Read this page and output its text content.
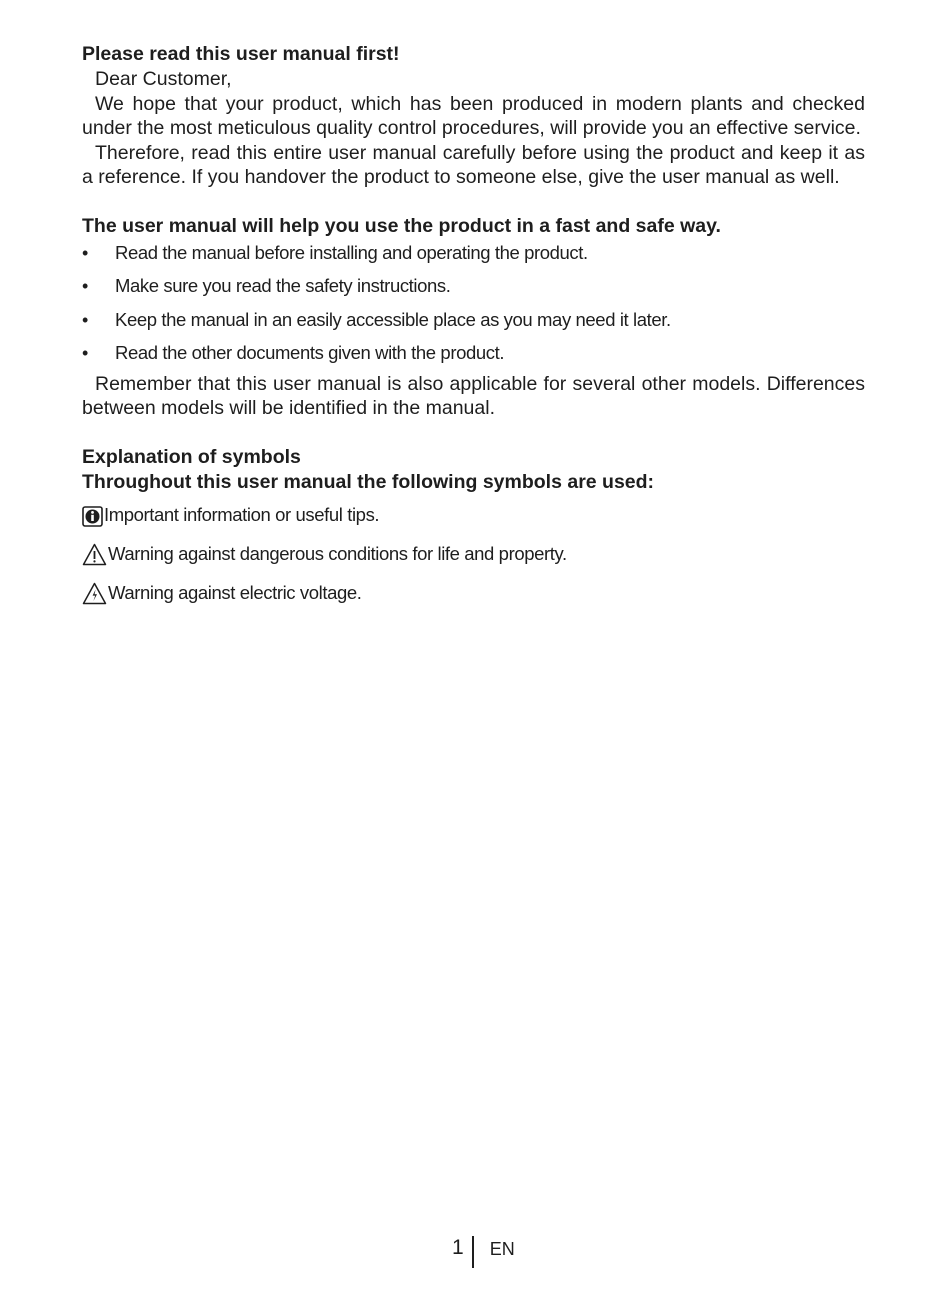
Please read this user manual first!

Dear Customer,

We hope that your product, which has been produced in modern plants and checked under the most meticulous quality control procedures, will provide you an effective service.

Therefore, read this entire user manual carefully before using the product and keep it as a reference. If you handover the product to someone else, give the user manual as well.

The user manual will help you use the product in a fast and safe way.

• Read the manual before installing and operating the product.
• Make sure you read the safety instructions.
• Keep the manual in an easily accessible place as you may need it later.
• Read the other documents given with the product.

Remember that this user manual is also applicable for several other models. Differences between models will be identified in the manual.

Explanation of symbols

Throughout this user manual the following symbols are used:

Important information or useful tips.
Warning against dangerous conditions for life and property.
Warning against electric voltage.
1 EN
